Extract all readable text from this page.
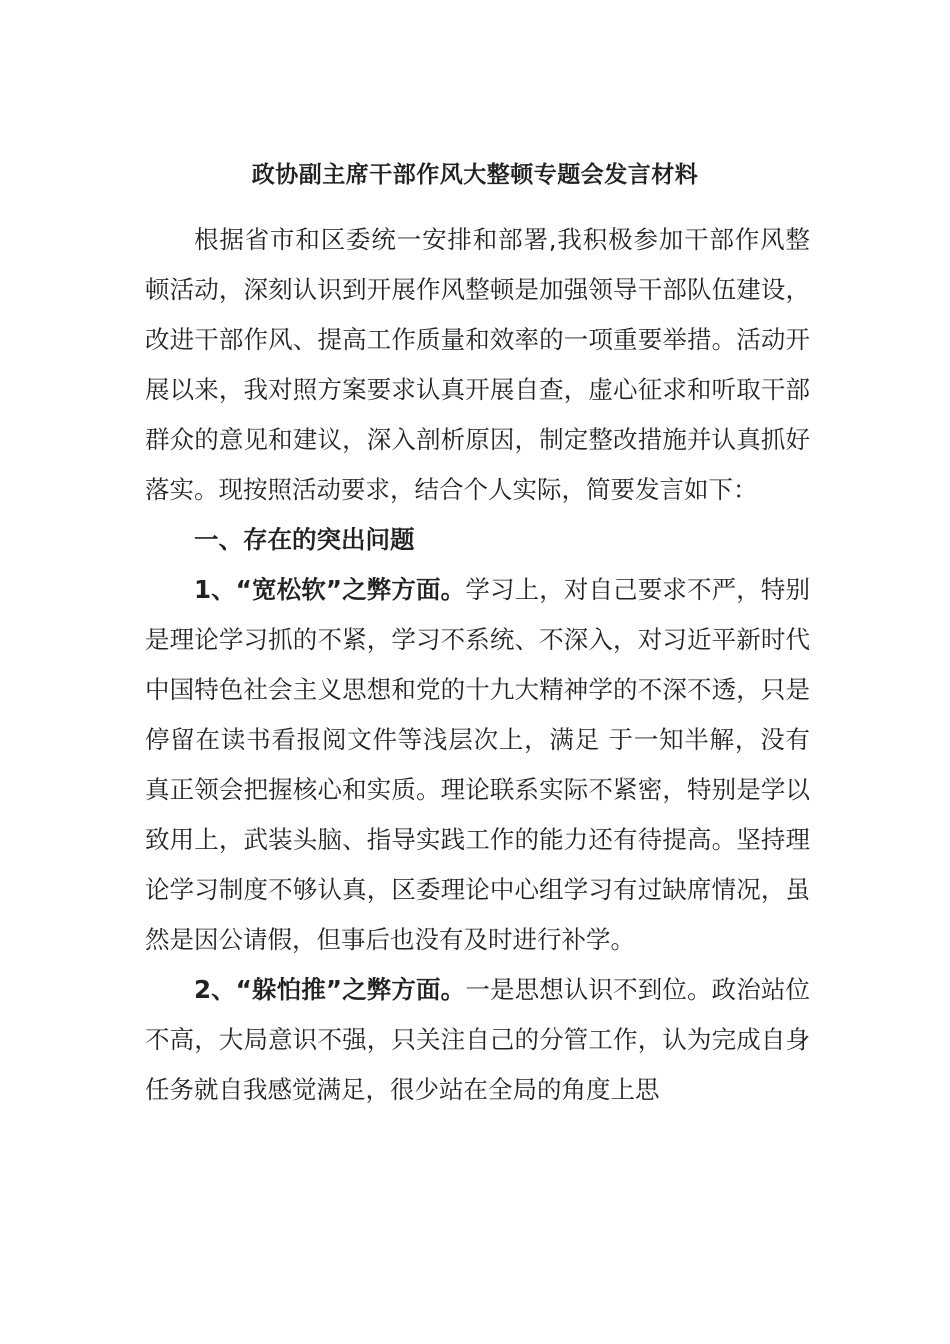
政协副主席干部作风大整顿专题会发言材料

根据省市和区委统一安排和部署,我积极参加干部作风整顿活动，深刻认识到开展作风整顿是加强领导干部队伍建设，改进干部作风、提高工作质量和效率的一项重要举措。活动开展以来，我对照方案要求认真开展自查，虚心征求和听取干部群众的意见和建议，深入剖析原因，制定整改措施并认真抓好落实。现按照活动要求，结合个人实际，简要发言如下：

一、存在的突出问题

1、“宽松软”之弊方面。学习上，对自己要求不严，特别是理论学习抓的不紧，学习不系统、不深入，对习近平新时代中国特色社会主义思想和党的十九大精神学的不深不透，只是停留在读书看报阅文件等浅层次上，满足 于一知半解，没有真正领会把握核心和实质。理论联系实际不紧密，特别是学以致用上，武装头脑、指导实践工作的能力还有待提高。坚持理论学习制度不够认真，区委理论中心组学习有过缺席情况，虽然是因公请假，但事后也没有及时进行补学。

2、“躲怕推”之弊方面。一是思想认识不到位。政治站位不高，大局意识不强，只关注自己的分管工作，认为完成自身任务就自我感觉满足，很少站在全局的角度上思
